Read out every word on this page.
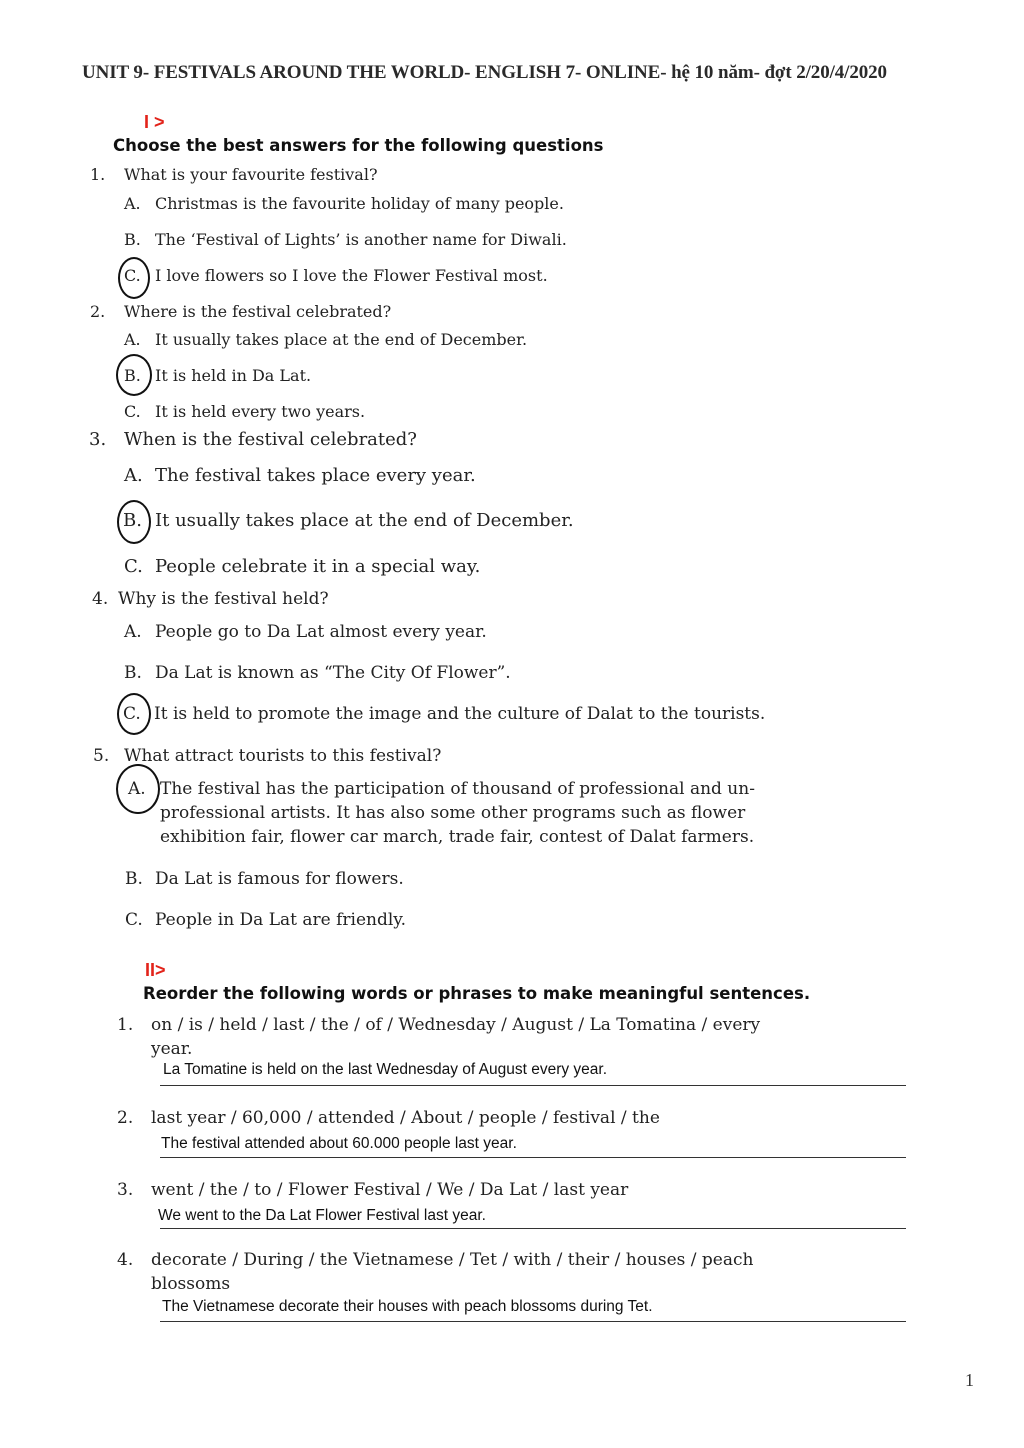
UNIT 9- FESTIVALS AROUND THE WORLD- ENGLISH 7- ONLINE- hệ 10 năm- đợt 2/20/4/2020
I >
Choose the best answers for the following questions
1. What is your favourite festival?
A. Christmas is the favourite holiday of many people.
B. The ‘Festival of Lights’ is another name for Diwali.
C. I love flowers so I love the Flower Festival most.
2. Where is the festival celebrated?
A. It usually takes place at the end of December.
B. It is held in Da Lat.
C. It is held every two years.
3. When is the festival celebrated?
A. The festival takes place every year.
B. It usually takes place at the end of December.
C. People celebrate it in a special way.
4. Why is the festival held?
A. People go to Da Lat almost every year.
B. Da Lat is known as “The City Of Flower”.
C. It is held to promote the image and the culture of Dalat to the tourists.
5. What attract tourists to this festival?
A. The festival has the participation of thousand of professional and un-
professional artists. It has also some other programs such as flower
exhibition fair, flower car march, trade fair, contest of Dalat farmers.
B. Da Lat is famous for flowers.
C. People in Da Lat are friendly.
II>
Reorder the following words or phrases to make meaningful sentences.
1. on / is / held / last / the / of / Wednesday / August / La Tomatina / every
year.
La Tomatine is held on the last Wednesday of August every year.
2. last year / 60,000 / attended / About / people / festival / the
The festival attended about 60.000 people last year.
3. went / the / to / Flower Festival / We / Da Lat / last year
We went to the Da Lat Flower Festival last year.
4. decorate / During / the Vietnamese / Tet / with / their / houses / peach
blossoms
The Vietnamese decorate their houses with peach blossoms during Tet.
1
